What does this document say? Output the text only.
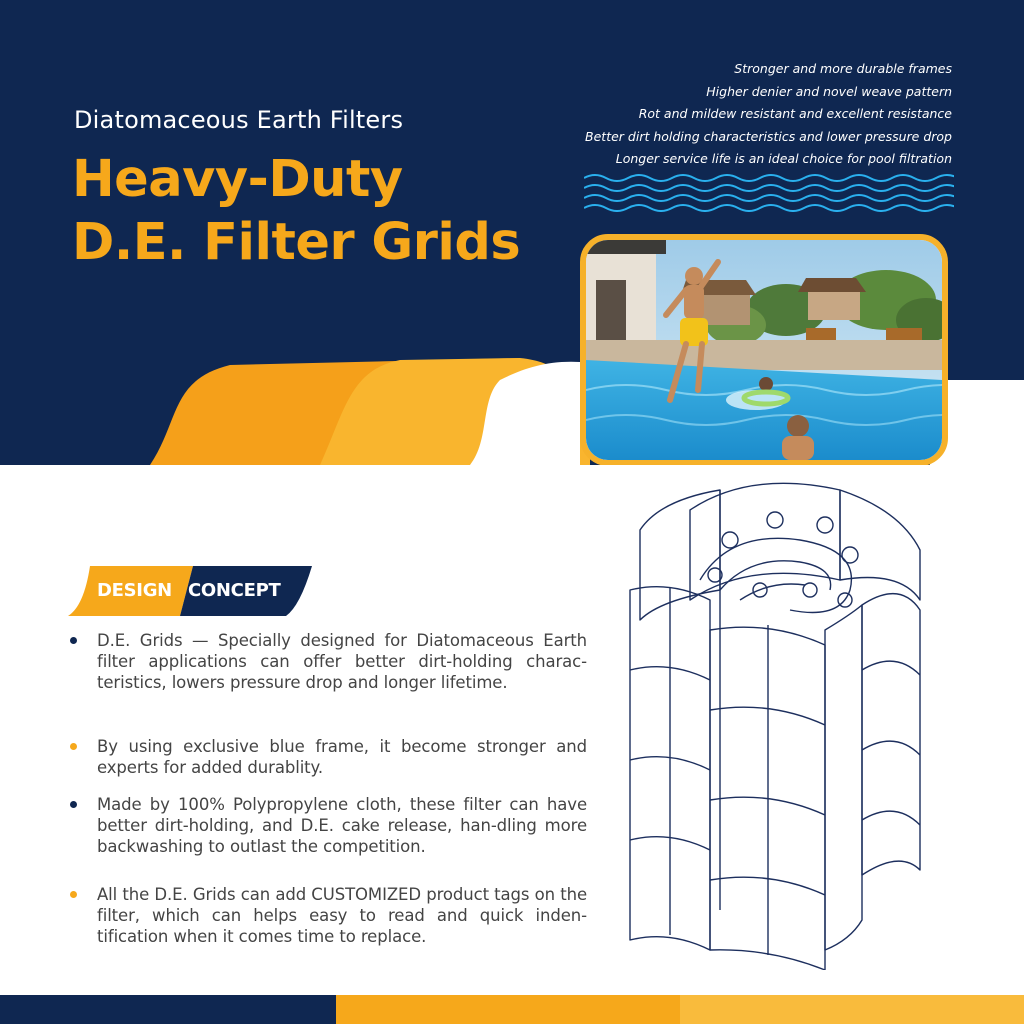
Diatomaceous Earth Filters
Heavy-Duty
D.E. Filter Grids
Stronger and more durable frames
Higher denier and novel weave pattern
Rot and mildew resistant and excellent resistance
Better dirt holding characteristics and lower pressure drop
Longer service life is an ideal choice for pool filtration
DESIGN CONCEPT
D.E. Grids — Specially designed for Diatomaceous Earth filter applications can offer better dirt-holding charac-teristics, lowers pressure drop and longer lifetime.
By using exclusive blue frame, it become stronger and experts for added durablity.
Made by 100% Polypropylene cloth, these filter can have better dirt-holding, and D.E. cake release, han-dling more backwashing to outlast the competition.
All the D.E. Grids can add CUSTOMIZED product tags on the filter, which can helps easy to read and quick inden-tification when it comes time to replace.
